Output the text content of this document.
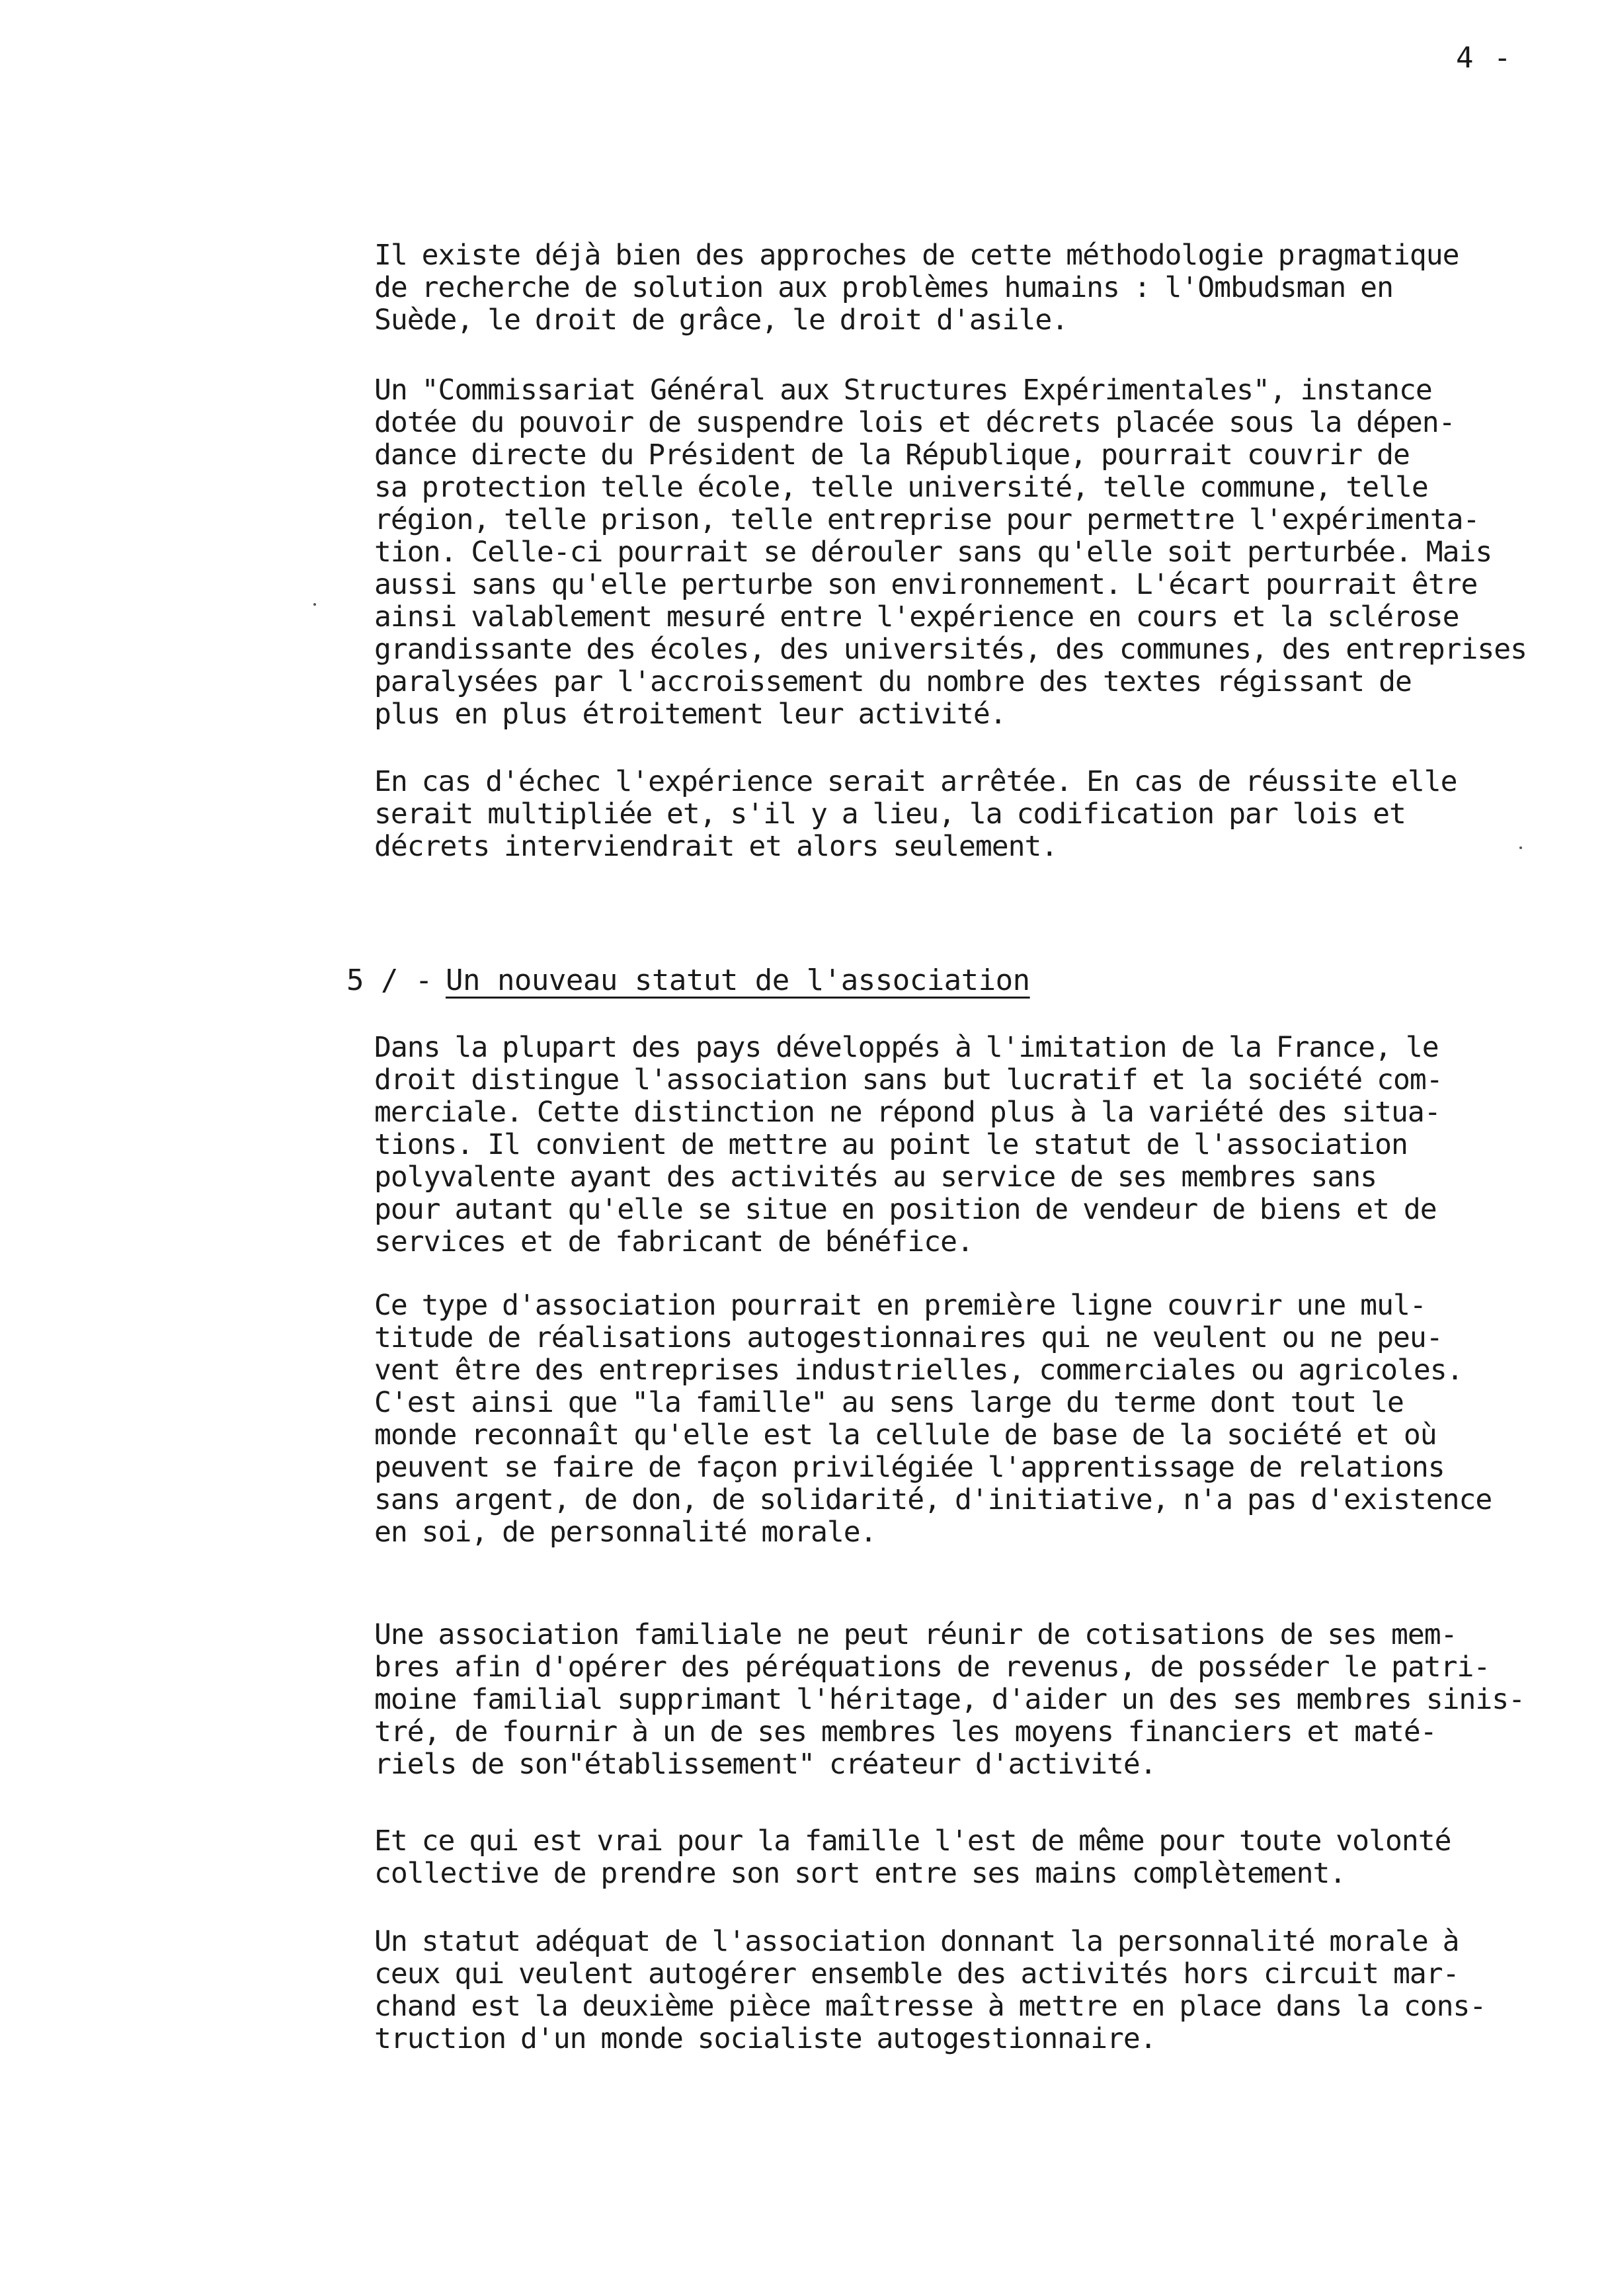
4 -

Il existe déjà bien des approches de cette méthodologie pragmatique
de recherche de solution aux problèmes humains : l'Ombudsman en
Suède, le droit de grâce, le droit d'asile.

Un "Commissariat Général aux Structures Expérimentales", instance
dotée du pouvoir de suspendre lois et décrets placée sous la dépen-
dance directe du Président de la République, pourrait couvrir de
sa protection telle école, telle université, telle commune, telle
région, telle prison, telle entreprise pour permettre l'expérimenta-
tion. Celle-ci pourrait se dérouler sans qu'elle soit perturbée. Mais
aussi sans qu'elle perturbe son environnement. L'écart pourrait être
ainsi valablement mesuré entre l'expérience en cours et la sclérose
grandissante des écoles, des universités, des communes, des entreprises
paralysées par l'accroissement du nombre des textes régissant de
plus en plus étroitement leur activité.

En cas d'échec l'expérience serait arrêtée. En cas de réussite elle
serait multipliée et, s'il y a lieu, la codification par lois et
décrets interviendrait et alors seulement.

5 / - Un nouveau statut de l'association

Dans la plupart des pays développés à l'imitation de la France, le
droit distingue l'association sans but lucratif et la société com-
merciale. Cette distinction ne répond plus à la variété des situa-
tions. Il convient de mettre au point le statut de l'association
polyvalente ayant des activités au service de ses membres sans
pour autant qu'elle se situe en position de vendeur de biens et de
services et de fabricant de bénéfice.

Ce type d'association pourrait en première ligne couvrir une mul-
titude de réalisations autogestionnaires qui ne veulent ou ne peu-
vent être des entreprises industrielles, commerciales ou agricoles.
C'est ainsi que "la famille" au sens large du terme dont tout le
monde reconnaît qu'elle est la cellule de base de la société et où
peuvent se faire de façon privilégiée l'apprentissage de relations
sans argent, de don, de solidarité, d'initiative, n'a pas d'existence
en soi, de personnalité morale.

Une association familiale ne peut réunir de cotisations de ses mem-
bres afin d'opérer des péréquations de revenus, de posséder le patri-
moine familial supprimant l'héritage, d'aider un des ses membres sinis-
tré, de fournir à un de ses membres les moyens financiers et maté-
riels de son"établissement" créateur d'activité.

Et ce qui est vrai pour la famille l'est de même pour toute volonté
collective de prendre son sort entre ses mains complètement.

Un statut adéquat de l'association donnant la personnalité morale à
ceux qui veulent autogérer ensemble des activités hors circuit mar-
chand est la deuxième pièce maîtresse à mettre en place dans la cons-
truction d'un monde socialiste autogestionnaire.
